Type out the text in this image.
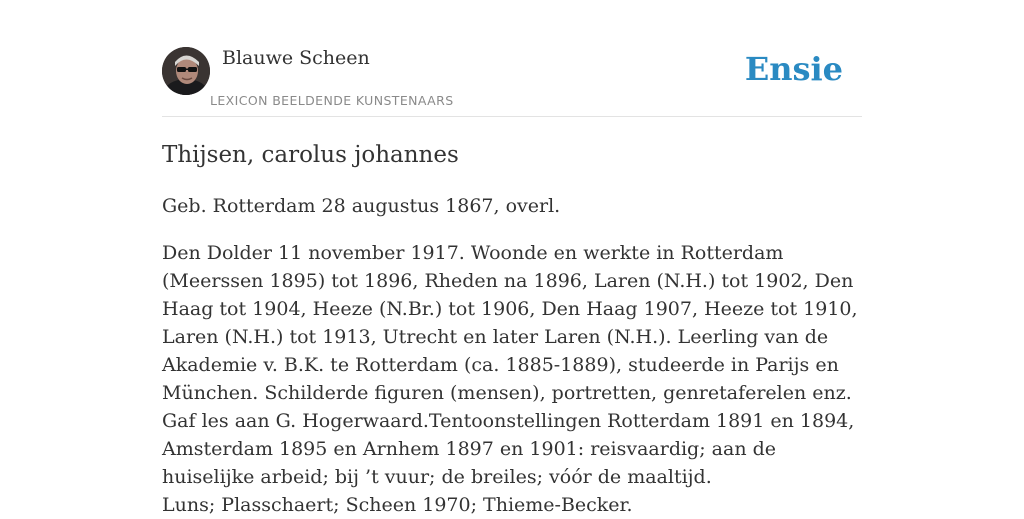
Blauwe Scheen
LEXICON BEELDENDE KUNSTENAARS
Ensie
Thijsen, carolus johannes

Geb. Rotterdam 28 augustus 1867, overl.

Den Dolder 11 november 1917. Woonde en werkte in Rotterdam (Meerssen 1895) tot 1896, Rheden na 1896, Laren (N.H.) tot 1902, Den Haag tot 1904, Heeze (N.Br.) tot 1906, Den Haag 1907, Heeze tot 1910, Laren (N.H.) tot 1913, Utrecht en later Laren (N.H.). Leerling van de Akademie v. B.K. te Rotterdam (ca. 1885-1889), studeerde in Parijs en München. Schilderde figuren (mensen), portretten, genretaferelen enz. Gaf les aan G. Hogerwaard.Tentoonstellingen Rotterdam 1891 en 1894, Amsterdam 1895 en Arnhem 1897 en 1901: reisvaardig; aan de huiselijke arbeid; bij ’t vuur; de breiles; vóór de maaltijd.

Luns; Plasschaert; Scheen 1970; Thieme-Becker.
